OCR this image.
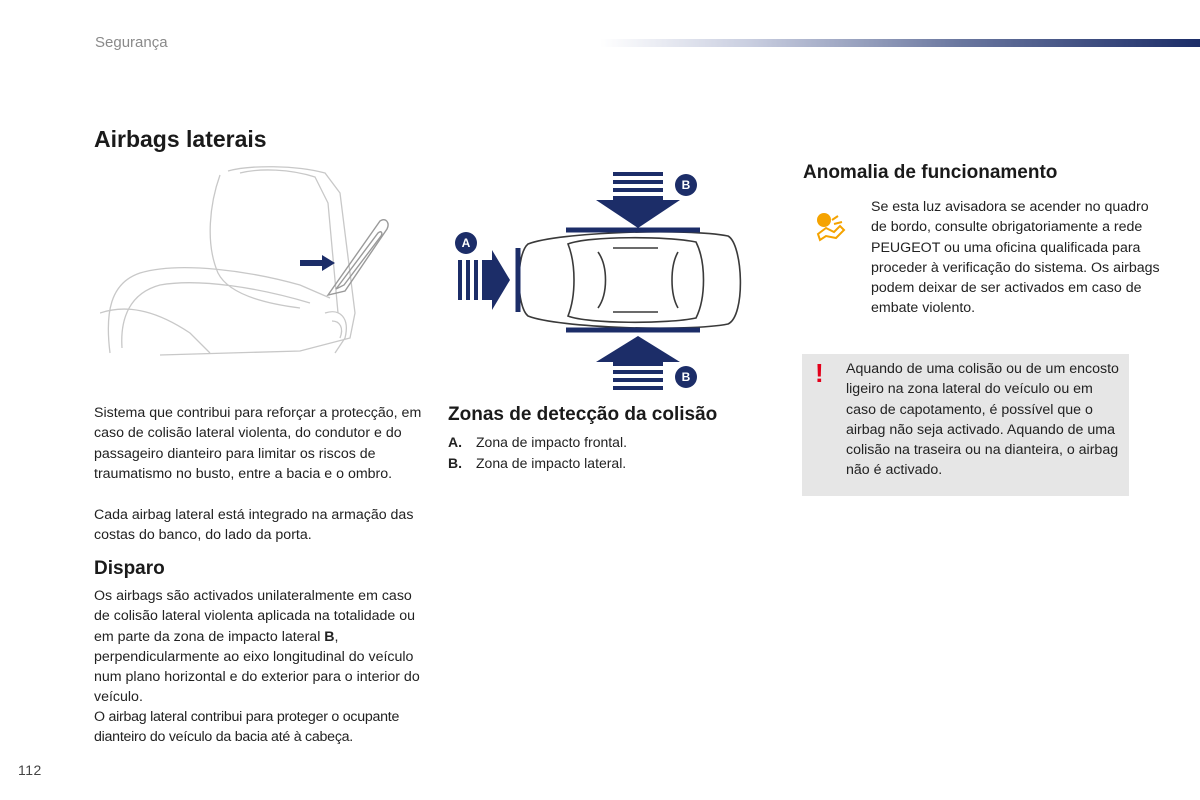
Segurança
Airbags laterais
A
B
B

Sistema que contribui para reforçar a protecção, em caso de colisão lateral violenta, do condutor e do passageiro dianteiro para limitar os riscos de traumatismo no busto, entre a bacia e o ombro.

Cada airbag lateral está integrado na armação das costas do banco, do lado da porta.

Disparo

Os airbags são activados unilateralmente em caso de colisão lateral violenta aplicada na totalidade ou em parte da zona de impacto lateral B, perpendicularmente ao eixo longitudinal do veículo num plano horizontal e do exterior para o interior do veículo.

O airbag lateral contribui para proteger o ocupante dianteiro do veículo da bacia até à cabeça.

Zonas de detecção da colisão
A. Zona de impacto frontal.
B. Zona de impacto lateral.
Anomalia de funcionamento

Se esta luz avisadora se acender no quadro de bordo, consulte obrigatoriamente a rede PEUGEOT ou uma oficina qualificada para proceder à verificação do sistema. Os airbags podem deixar de ser activados em caso de embate violento.

! Aquando de uma colisão ou de um encosto ligeiro na zona lateral do veículo ou em caso de capotamento, é possível que o airbag não seja activado. Aquando de uma colisão na traseira ou na dianteira, o airbag não é activado.

112
